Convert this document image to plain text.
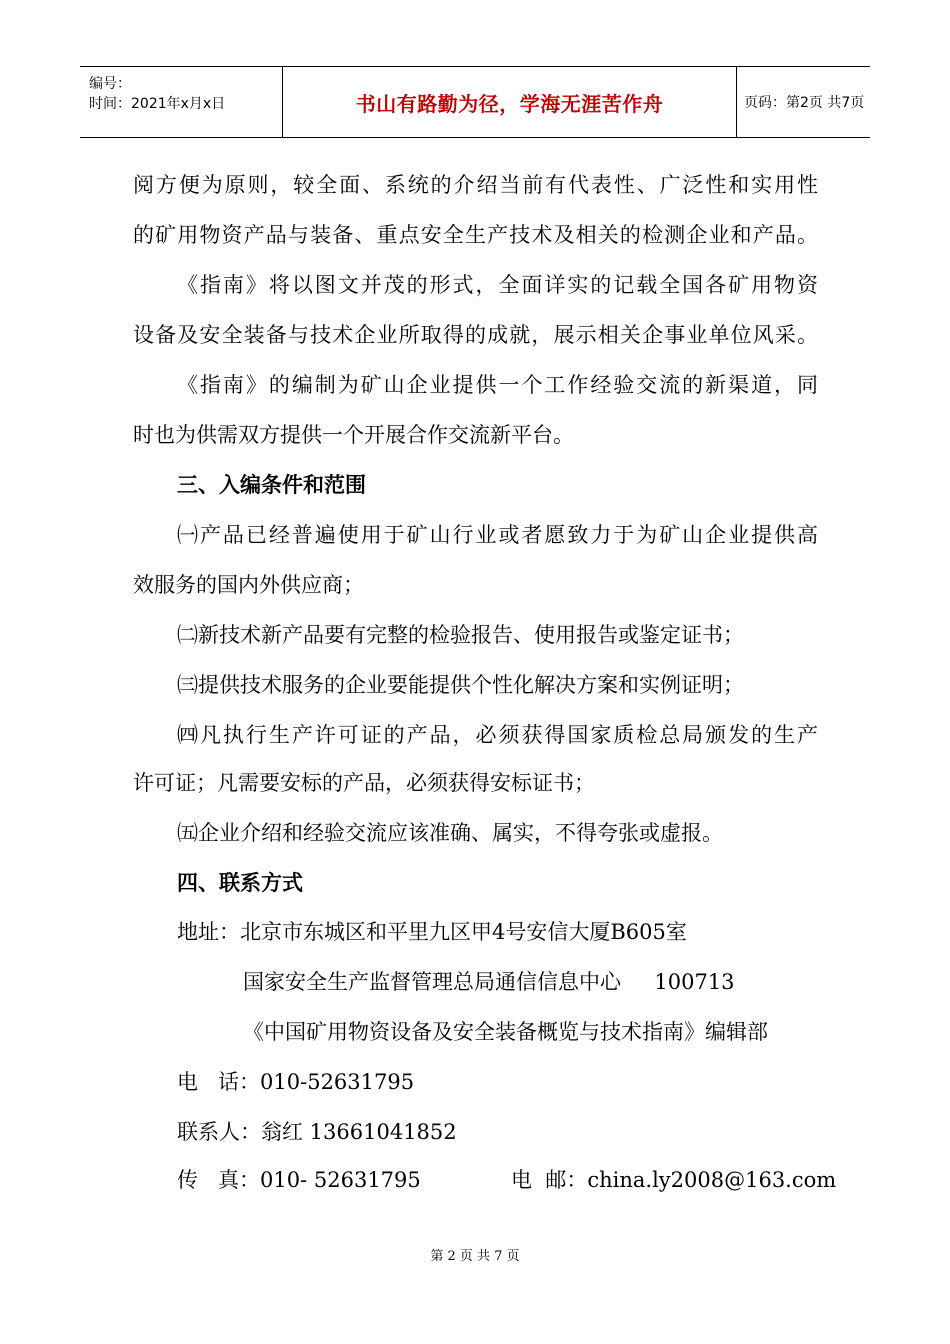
编号：
时间：2021年x月x日	书山有路勤为径，学海无涯苦作舟	页码：第2页 共7页
阅方便为原则，较全面、系统的介绍当前有代表性、广泛性和实用性
的矿用物资产品与装备、重点安全生产技术及相关的检测企业和产品。
《指南》将以图文并茂的形式，全面详实的记载全国各矿用物资
设备及安全装备与技术企业所取得的成就，展示相关企事业单位风采。
《指南》的编制为矿山企业提供一个工作经验交流的新渠道，同
时也为供需双方提供一个开展合作交流新平台。
三、入编条件和范围
㈠产品已经普遍使用于矿山行业或者愿致力于为矿山企业提供高
效服务的国内外供应商；
㈡新技术新产品要有完整的检验报告、使用报告或鉴定证书；
㈢提供技术服务的企业要能提供个性化解决方案和实例证明；
㈣凡执行生产许可证的产品，必须获得国家质检总局颁发的生产
许可证；凡需要安标的产品，必须获得安标证书；
㈤企业介绍和经验交流应该准确、属实，不得夸张或虚报。
四、联系方式
地址：北京市东城区和平里九区甲4号安信大厦B605室
国家安全生产监督管理总局通信信息中心     100713
《中国矿用物资设备及安全装备概览与技术指南》编辑部
电   话：010-52631795
联系人：翁红 13661041852
传   真：010- 52631795	电  邮：china.ly2008@163.com
第 2 页 共 7 页
